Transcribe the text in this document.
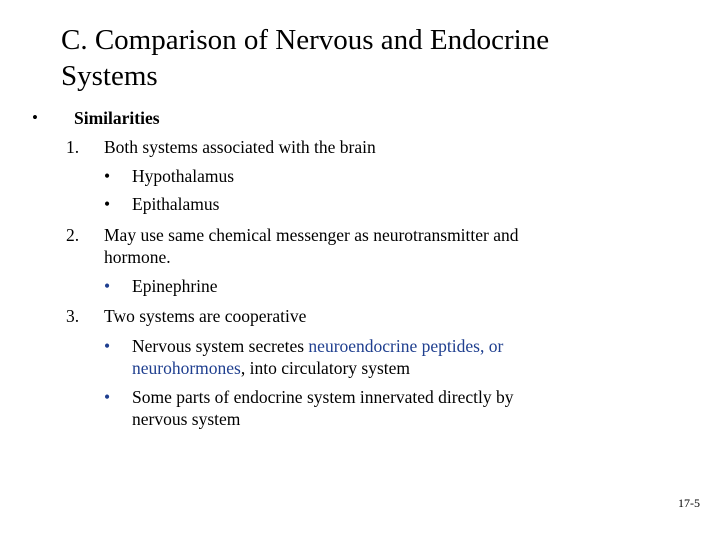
C. Comparison of Nervous and Endocrine
Systems
• Similarities
1. Both systems associated with the brain
• Hypothalamus
• Epithalamus
2. May use same chemical messenger as neurotransmitter and
hormone.
• Epinephrine
3. Two systems are cooperative
• Nervous system secretes neuroendocrine peptides, or
neurohormones, into circulatory system
• Some parts of endocrine system innervated directly by
nervous system
17-5
